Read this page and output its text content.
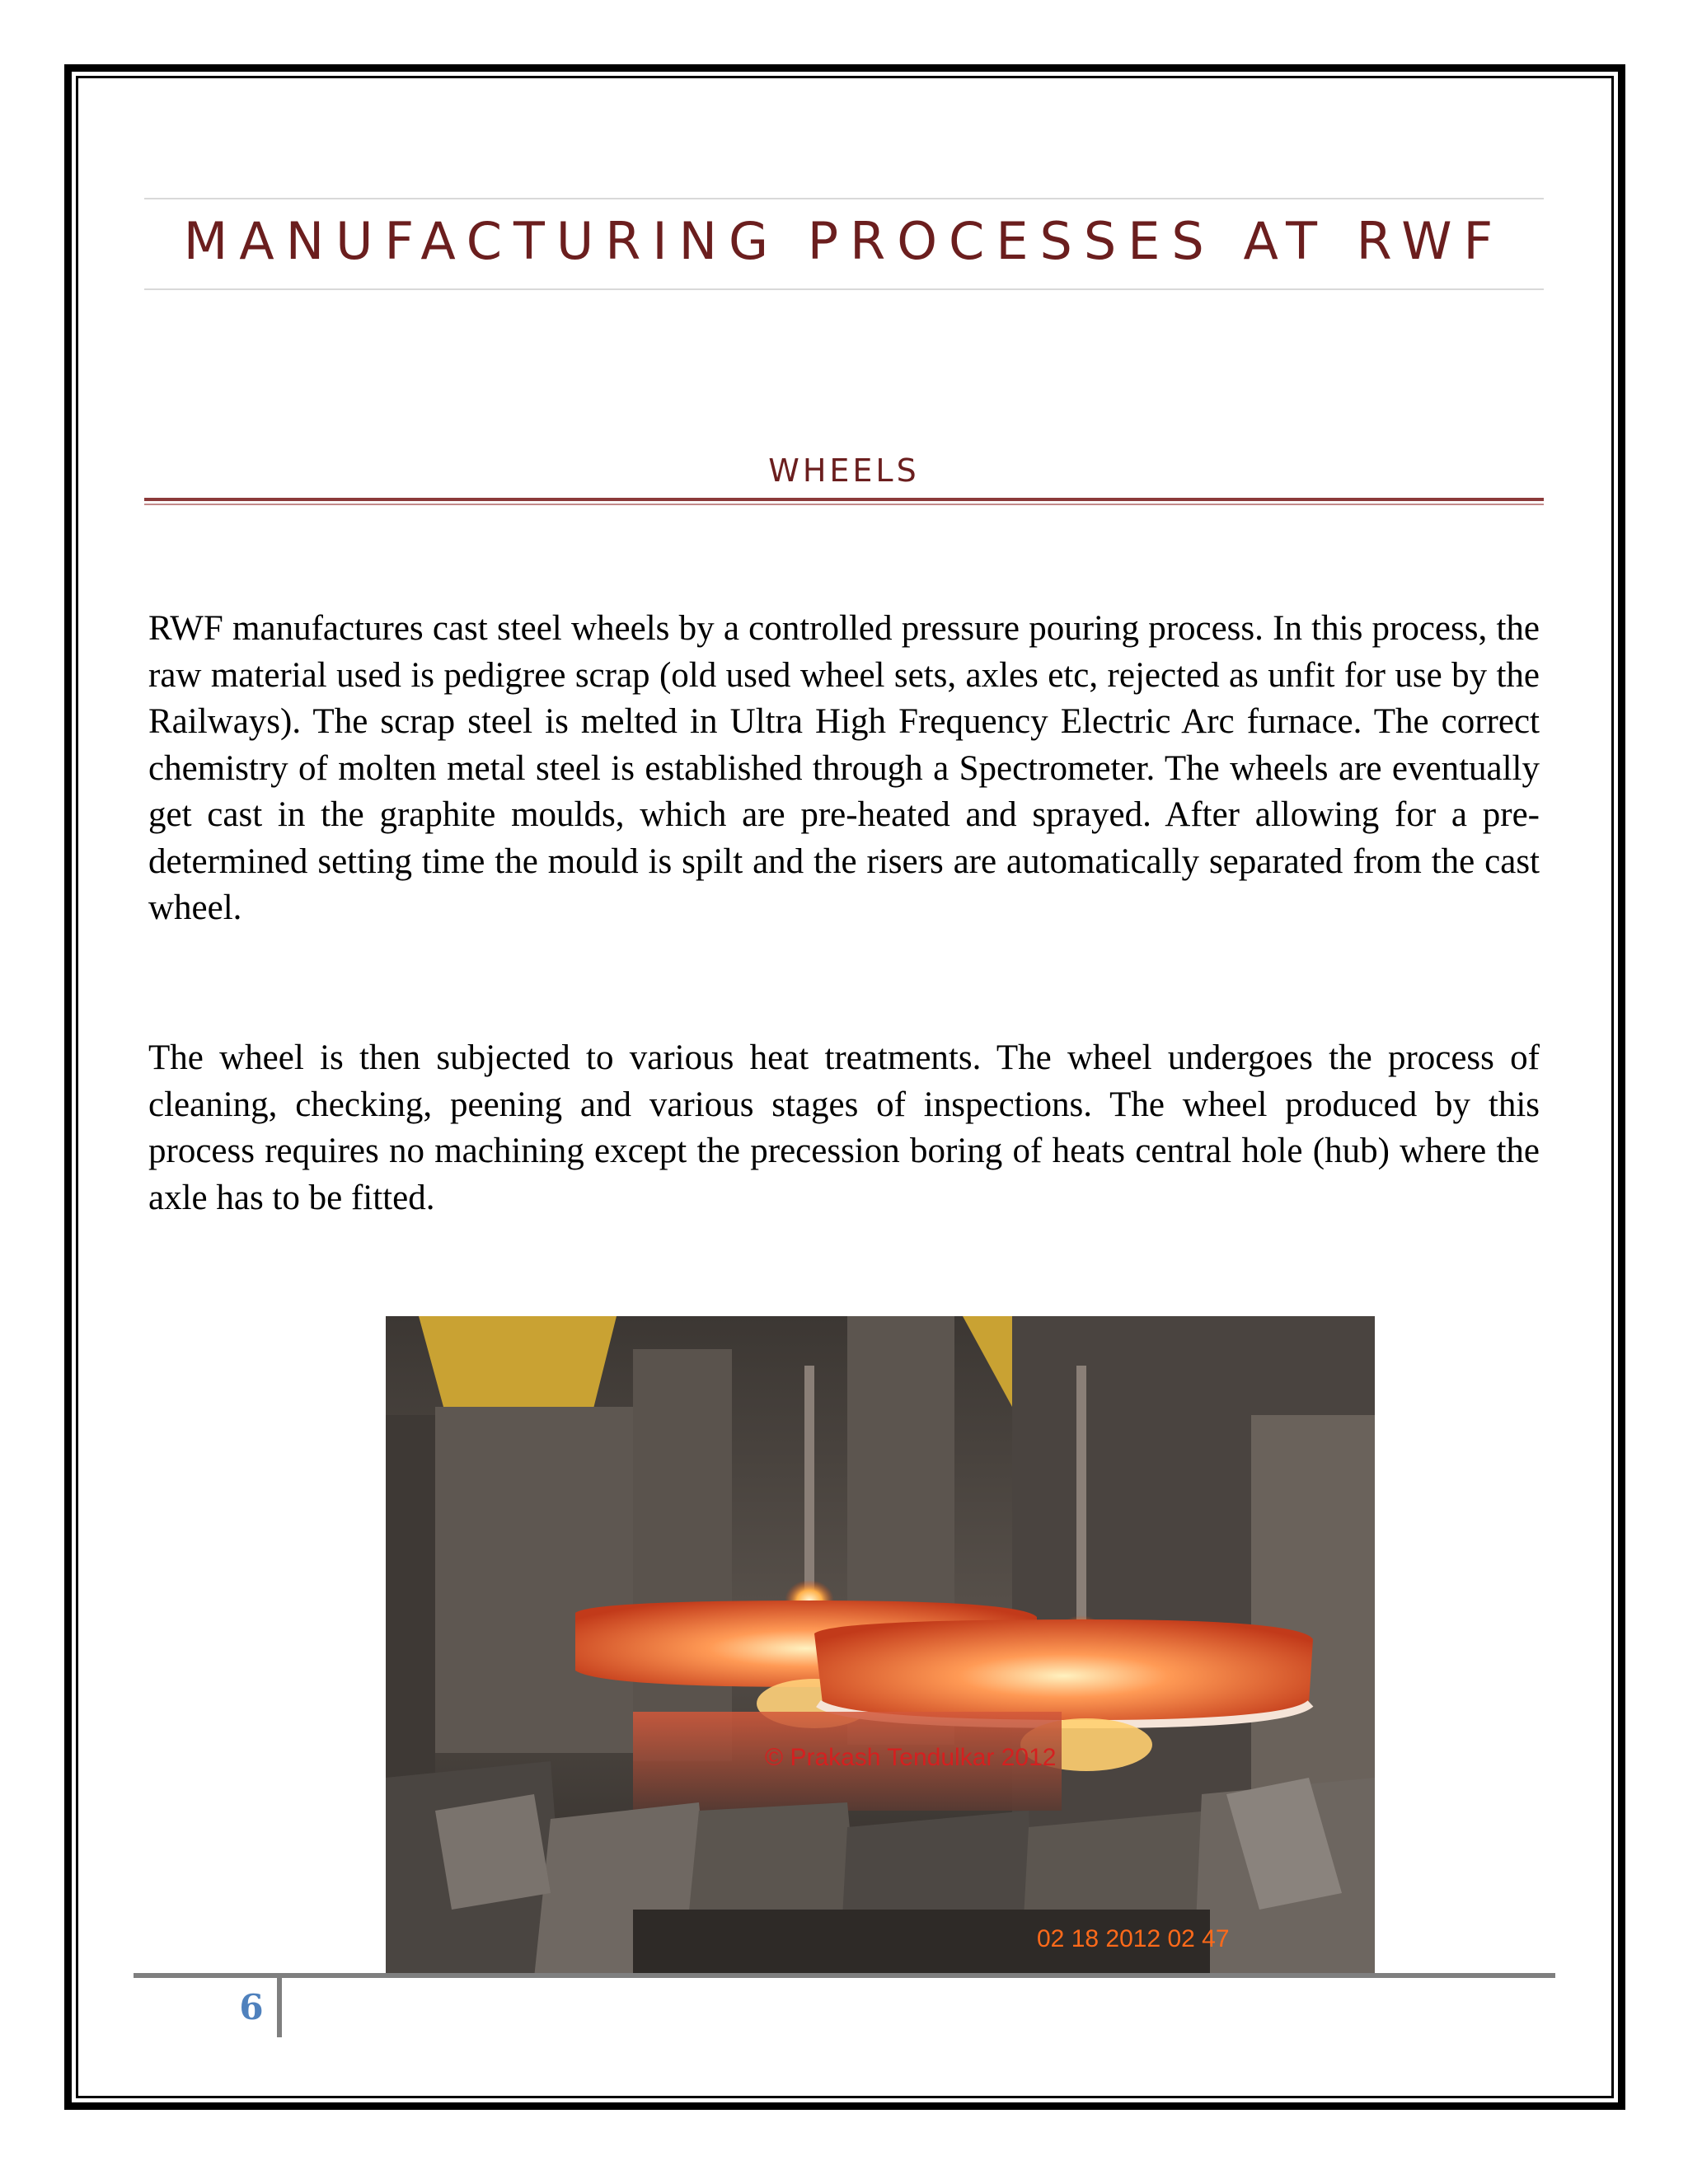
MANUFACTURING PROCESSES AT RWF
WHEELS

RWF manufactures cast steel wheels by a controlled pressure pouring process. In this process, the raw material used is pedigree scrap (old used wheel sets, axles etc, rejected as unfit for use by the Railways). The scrap steel is melted in Ultra High Frequency Electric Arc furnace. The correct chemistry of molten metal steel is established through a Spectrometer. The wheels are eventually get cast in the graphite moulds, which are pre-heated and sprayed. After allowing for a pre-determined setting time the mould is spilt and the risers are automatically separated from the cast wheel.

The wheel is then subjected to various heat treatments. The wheel undergoes the process of cleaning, checking, peening and various stages of inspections. The wheel produced by this process requires no machining except the precession boring of heats central hole (hub) where the axle has to be fitted.

© Prakash Tendulkar 2012
02 18 2012 02 47

6
